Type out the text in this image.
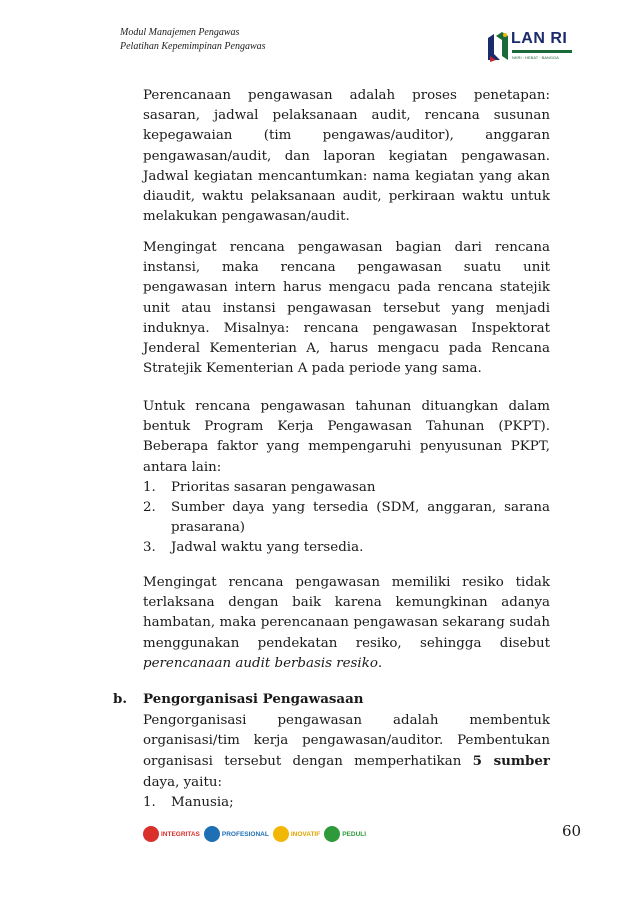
Modul Manajemen Pengawas
Pelatihan Kepemimpinan Pengawas	LAN RI
NKRI · HEBAT · BANGGA

Perencanaan pengawasan adalah proses penetapan: sasaran, jadwal pelaksanaan audit, rencana susunan kepegawaian (tim pengawas/auditor), anggaran pengawasan/audit, dan laporan kegiatan pengawasan. Jadwal kegiatan mencantumkan: nama kegiatan yang akan diaudit, waktu pelaksanaan audit, perkiraan waktu untuk melakukan pengawasan/audit.

Mengingat rencana pengawasan bagian dari rencana instansi, maka rencana pengawasan suatu unit pengawasan intern harus mengacu pada rencana statejik unit atau instansi pengawasan tersebut yang menjadi induknya. Misalnya: rencana pengawasan Inspektorat Jenderal Kementerian A, harus mengacu pada Rencana Stratejik Kementerian A pada periode yang sama.

Untuk rencana pengawasan tahunan dituangkan dalam bentuk Program Kerja Pengawasan Tahunan (PKPT). Beberapa faktor yang mempengaruhi penyusunan PKPT, antara lain:

1. Prioritas sasaran pengawasan
2. Sumber daya yang tersedia (SDM, anggaran, sarana prasarana)
3. Jadwal waktu yang tersedia.

Mengingat rencana pengawasan memiliki resiko tidak terlaksana dengan baik karena kemungkinan adanya hambatan, maka perencanaan pengawasan sekarang sudah menggunakan pendekatan resiko, sehingga disebut perencanaan audit berbasis resiko.

b. Pengorganisasi Pengawasaan

Pengorganisasi pengawasan adalah membentuk organisasi/tim kerja pengawasan/auditor. Pembentukan organisasi tersebut dengan memperhatikan 5 sumber daya, yaitu:

1. Manusia;
INTEGRITAS	PROFESIONAL	INOVATIF	PEDULI	60
